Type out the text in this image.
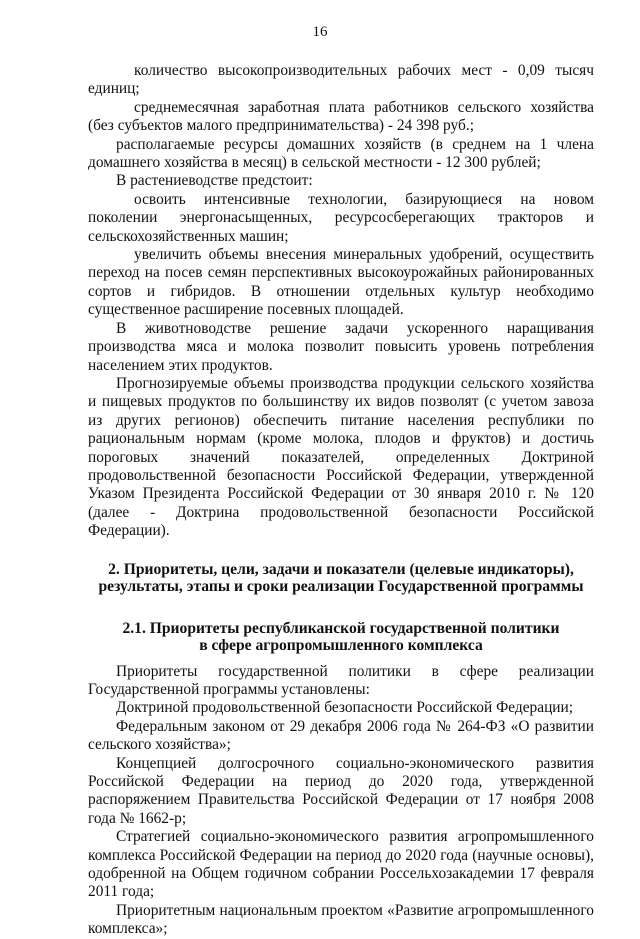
16

количество высокопроизводительных рабочих мест - 0,09 тысяч единиц;

среднемесячная заработная плата работников сельского хозяйства (без субъектов малого предпринимательства) - 24 398 руб.;

располагаемые ресурсы домашних хозяйств (в среднем на 1 члена домашнего хозяйства в месяц) в сельской местности - 12 300 рублей;

В растениеводстве предстоит:

освоить интенсивные технологии, базирующиеся на новом поколении энергонасыщенных, ресурсосберегающих тракторов и сельскохозяйственных машин;

увеличить объемы внесения минеральных удобрений, осуществить переход на посев семян перспективных высокоурожайных районированных сортов и гибридов. В отношении отдельных культур необходимо существенное расширение посевных площадей.

В животноводстве решение задачи ускоренного наращивания производства мяса и молока позволит повысить уровень потребления населением этих продуктов.

Прогнозируемые объемы производства продукции сельского хозяйства и пищевых продуктов по большинству их видов позволят (с учетом завоза из других регионов) обеспечить питание населения республики по рациональным нормам (кроме молока, плодов и фруктов) и достичь пороговых значений показателей, определенных Доктриной продовольственной безопасности Российской Федерации, утвержденной Указом Президента Российской Федерации от 30 января 2010 г. № 120 (далее - Доктрина продовольственной безопасности Российской Федерации).

2. Приоритеты, цели, задачи и показатели (целевые индикаторы),
результаты, этапы и сроки реализации Государственной программы
2.1. Приоритеты республиканской государственной политики
в сфере агропромышленного комплекса

Приоритеты государственной политики в сфере реализации Государственной программы установлены:

Доктриной продовольственной безопасности Российской Федерации;

Федеральным законом от 29 декабря 2006 года № 264-ФЗ «О развитии сельского хозяйства»;

Концепцией долгосрочного социально-экономического развития Российской Федерации на период до 2020 года, утвержденной распоряжением Правительства Российской Федерации от 17 ноября 2008 года № 1662-р;

Стратегией социально-экономического развития агропромышленного комплекса Российской Федерации на период до 2020 года (научные основы), одобренной на Общем годичном собрании Россельхозакадемии 17 февраля 2011 года;

Приоритетным национальным проектом «Развитие агропромышленного комплекса»;
